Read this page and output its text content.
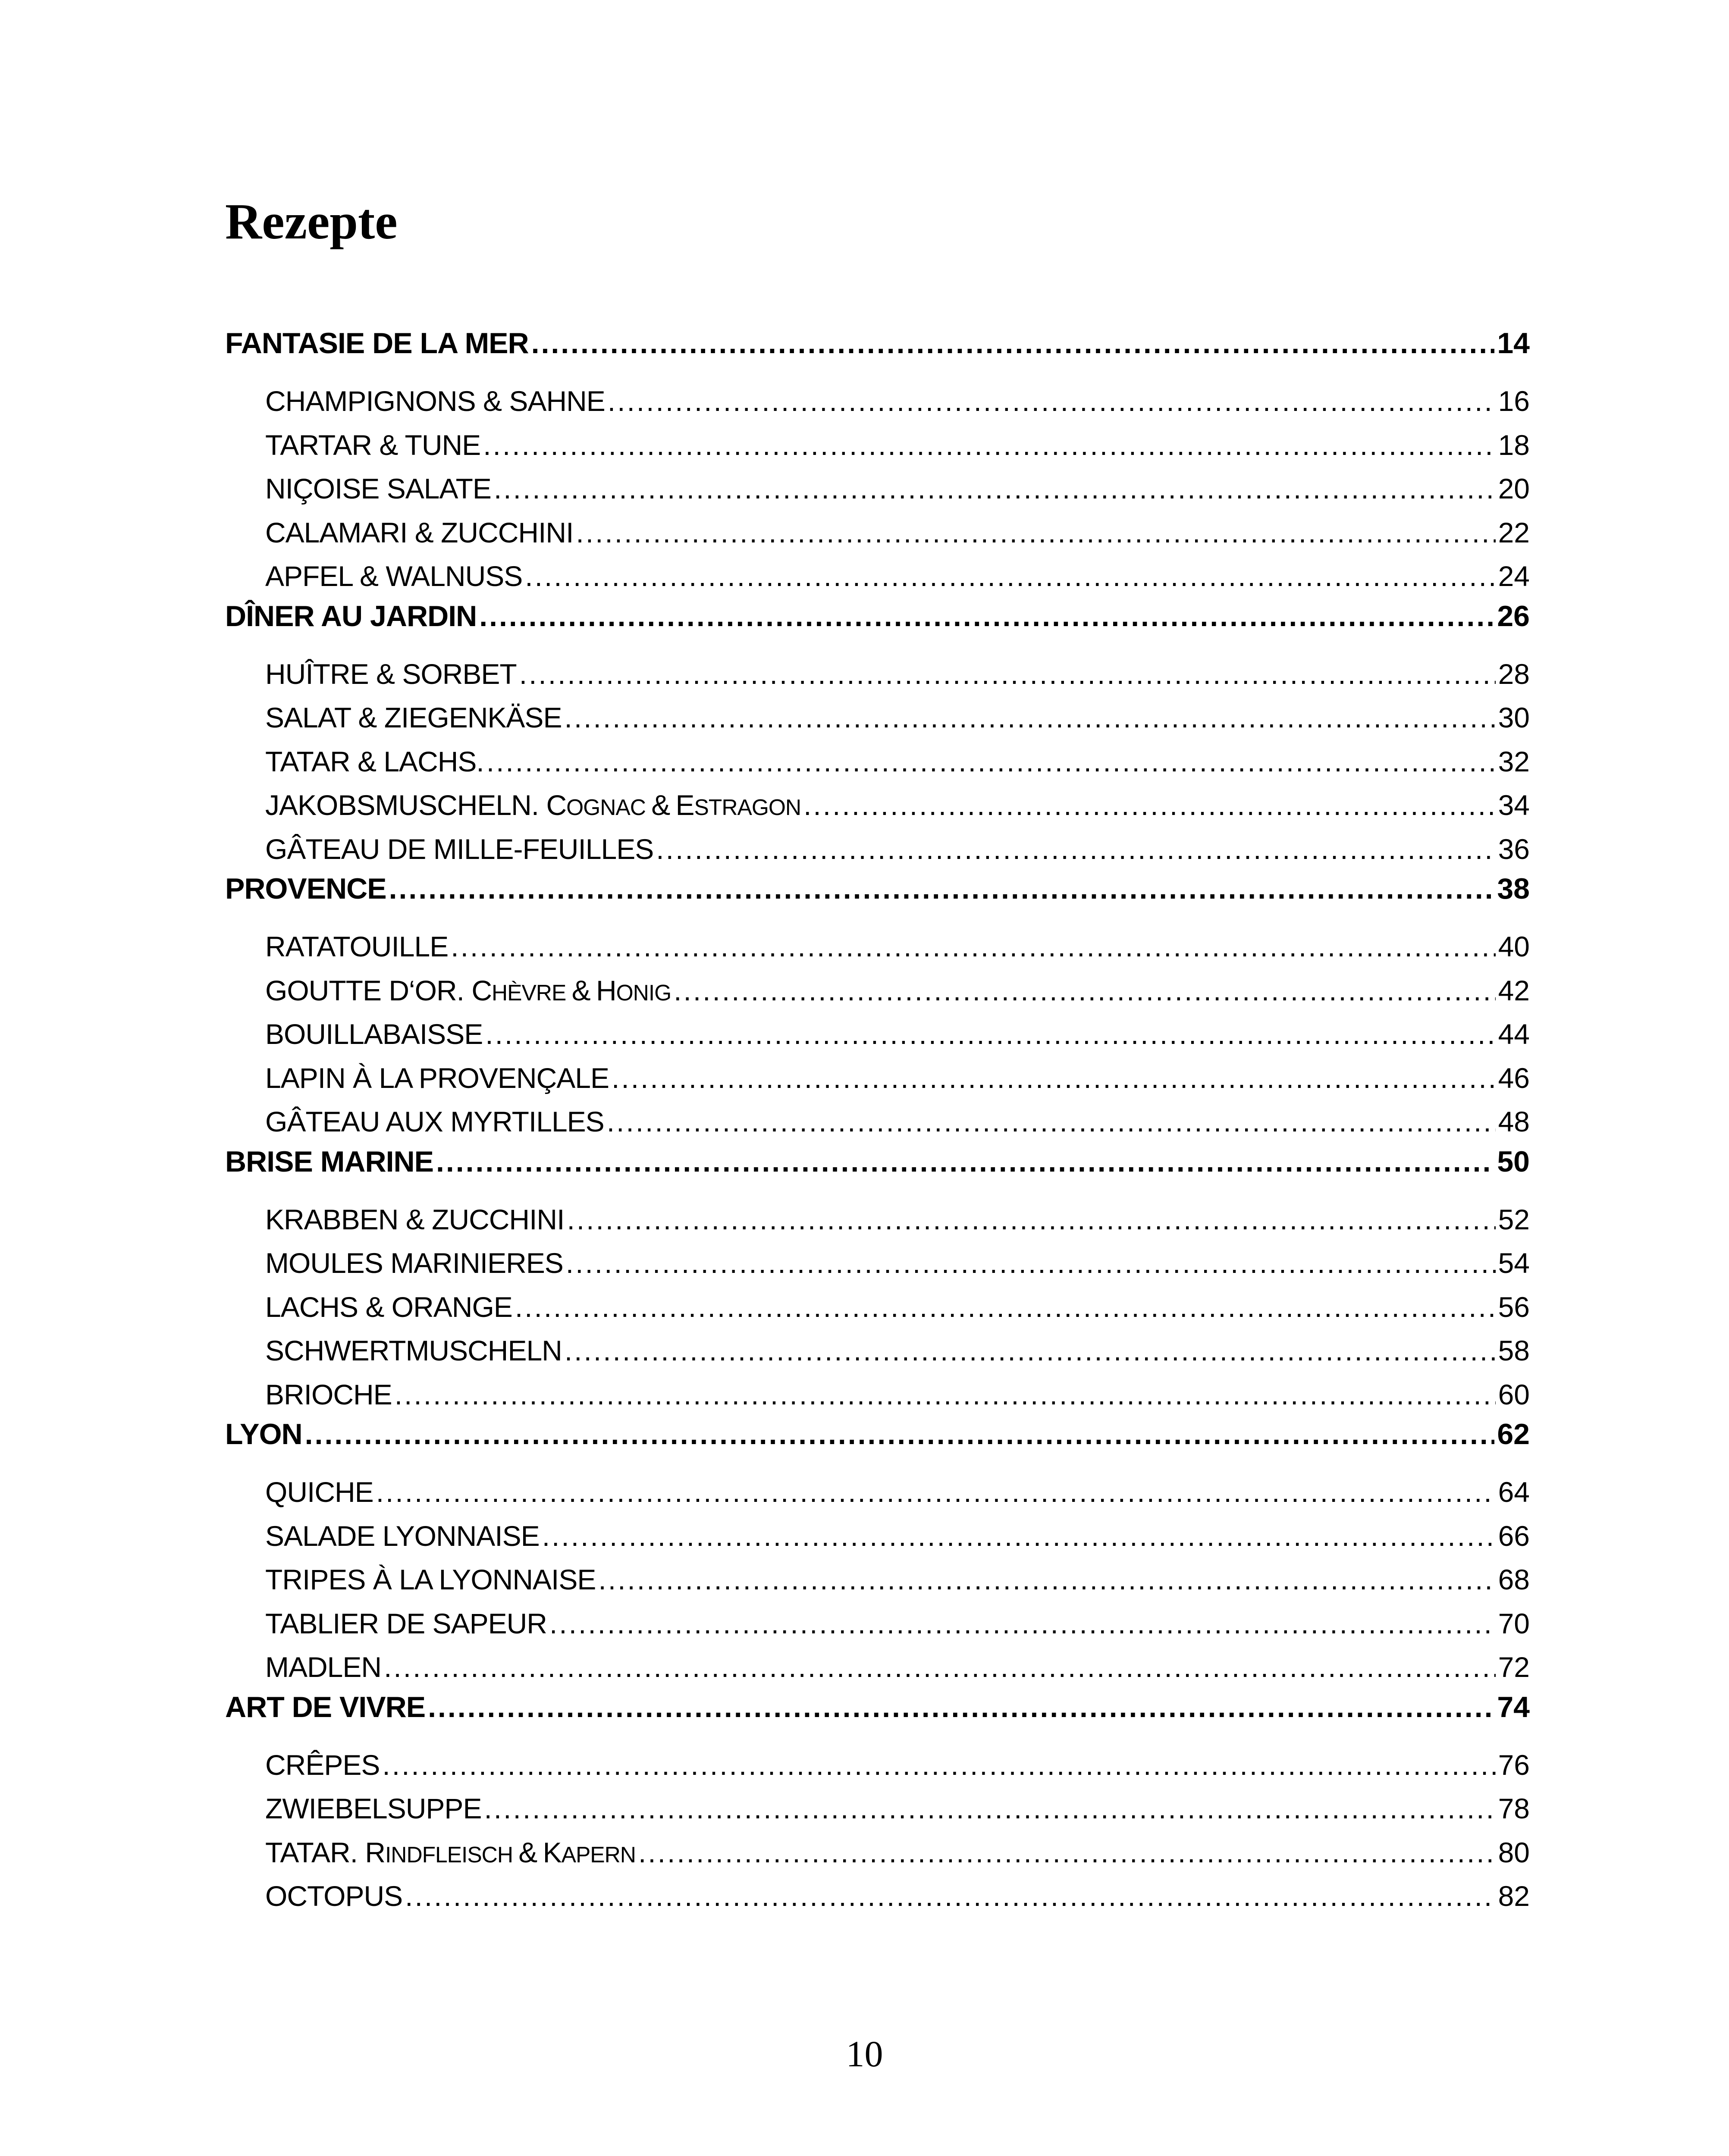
Rezepte
FANTASIE DE LA MER .....	14
CHAMPIGNONS & SAHNE .....	16
TARTAR & TUNE .....	18
NIÇOISE SALATE .....	20
CALAMARI & ZUCCHINI .....	22
APFEL & WALNUSS .....	24
DÎNER AU JARDIN .....	26
HUÎTRE & SORBET .....	28
SALAT & ZIEGENKÄSE .....	30
TATAR & LACHS. .....	32
JAKOBSMUSCHELN. COGNAC & ESTRAGON .....	34
GÂTEAU DE MILLE-FEUILLES .....	36
PROVENCE .....	38
RATATOUILLE .....	40
GOUTTE D‘OR. CHÈVRE & HONIG .....	42
BOUILLABAISSE .....	44
LAPIN À LA PROVENÇALE .....	46
GÂTEAU AUX MYRTILLES .....	48
BRISE MARINE .....	50
KRABBEN & ZUCCHINI .....	52
MOULES MARINIERES .....	54
LACHS & ORANGE .....	56
SCHWERTMUSCHELN .....	58
BRIOCHE .....	60
LYON .....	62
QUICHE .....	64
SALADE LYONNAISE .....	66
TRIPES À LA LYONNAISE .....	68
TABLIER DE SAPEUR .....	70
MADLEN .....	72
ART DE VIVRE .....	74
CRÊPES .....	76
ZWIEBELSUPPE .....	78
TATAR. RINDFLEISCH & KAPERN .....	80
OCTOPUS .....	82
10
